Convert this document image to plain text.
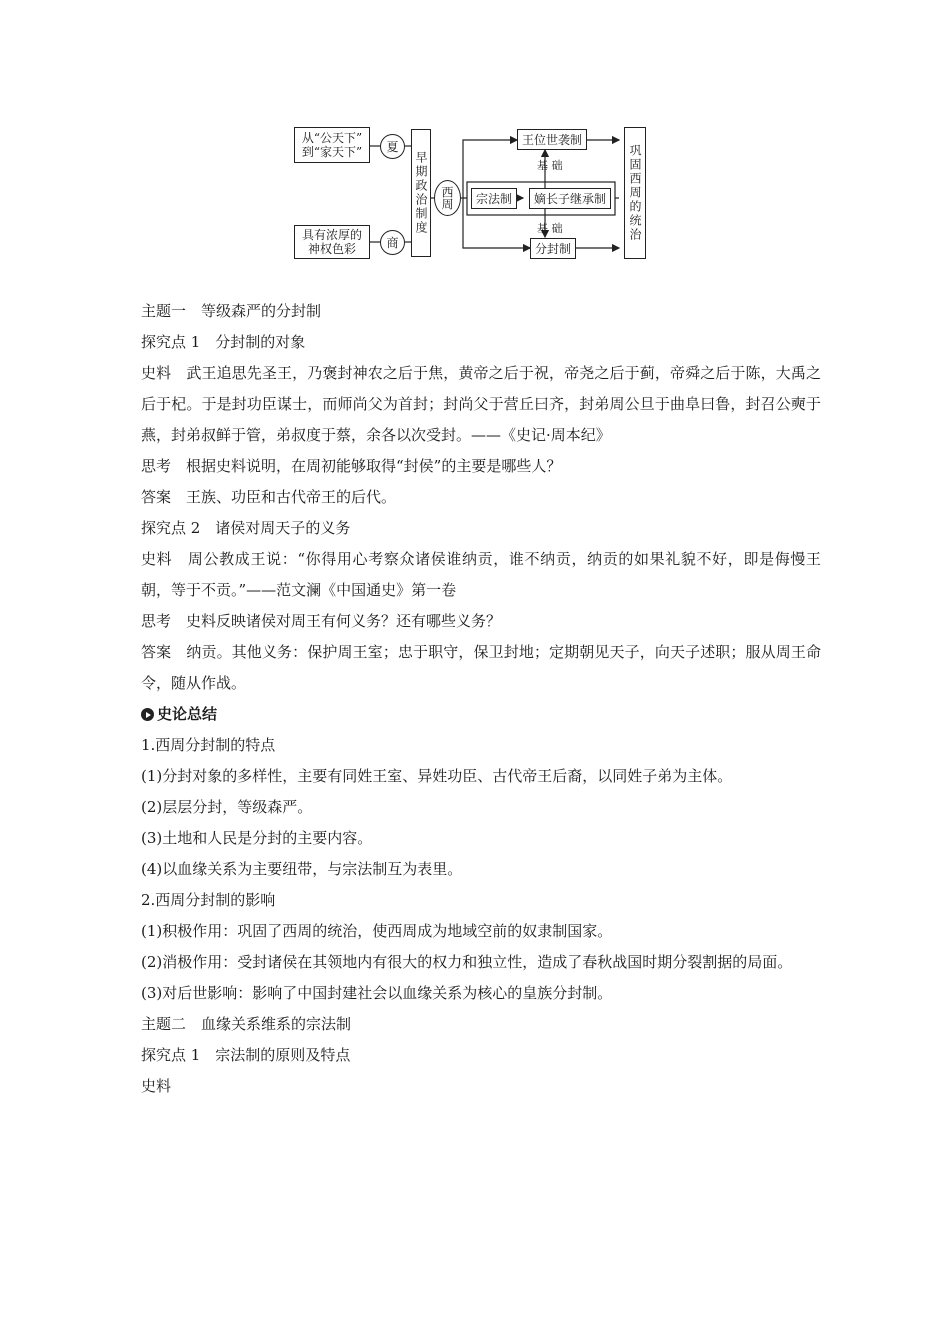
从“公天下”
到“家天下” 夏
具有浓厚的
神权色彩	商
早期政治制度 西周
王位世袭制
基 础
宗法制 嫡长子继承制
基 础
分封制
巩固西周的统治

主题一　等级森严的分封制

探究点 1　分封制的对象

史料　武王追思先圣王，乃褒封神农之后于焦，黄帝之后于祝，帝尧之后于蓟，帝舜之后于陈，大禹之后于杞。于是封功臣谋士，而师尚父为首封；封尚父于营丘曰齐，封弟周公旦于曲阜曰鲁，封召公奭于燕，封弟叔鲜于管，弟叔度于蔡，余各以次受封。——《史记·周本纪》

思考　根据史料说明，在周初能够取得“封侯”的主要是哪些人？

答案　王族、功臣和古代帝王的后代。

探究点 2　诸侯对周天子的义务

史料　周公教成王说：“你得用心考察众诸侯谁纳贡，谁不纳贡，纳贡的如果礼貌不好，即是侮慢王朝，等于不贡。”——范文澜《中国通史》第一卷

思考　史料反映诸侯对周王有何义务？还有哪些义务？

答案　纳贡。其他义务：保护周王室；忠于职守，保卫封地；定期朝见天子，向天子述职；服从周王命令，随从作战。

史论总结

1.西周分封制的特点

(1)分封对象的多样性，主要有同姓王室、异姓功臣、古代帝王后裔，以同姓子弟为主体。

(2)层层分封，等级森严。

(3)土地和人民是分封的主要内容。

(4)以血缘关系为主要纽带，与宗法制互为表里。

2.西周分封制的影响

(1)积极作用：巩固了西周的统治，使西周成为地域空前的奴隶制国家。

(2)消极作用：受封诸侯在其领地内有很大的权力和独立性，造成了春秋战国时期分裂割据的局面。

(3)对后世影响：影响了中国封建社会以血缘关系为核心的皇族分封制。

主题二　血缘关系维系的宗法制

探究点 1　宗法制的原则及特点

史料
